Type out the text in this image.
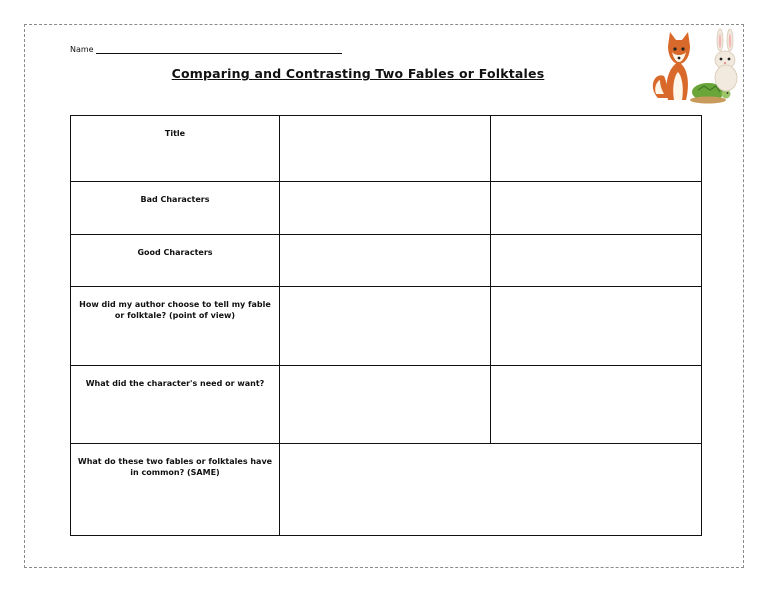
Name
Comparing and Contrasting Two Fables or Folktales
Title		
Bad Characters		
Good Characters		
How did my author choose to tell my fable or folktale? (point of view)		
What did the character's need or want?		
What do these two fables or folktales have in common? (SAME)		
